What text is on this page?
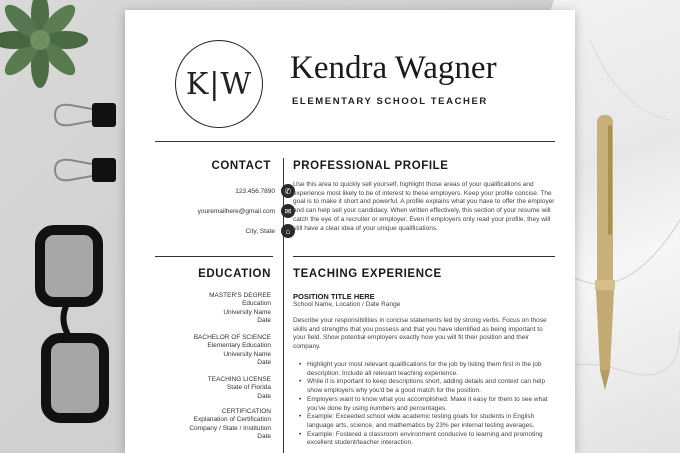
K|W	Kendra Wagner
ELEMENTARY SCHOOL TEACHER
CONTACT
123.456.7890	✆
youremailhere@gmail.com	✉
City, State	⌂
PROFESSIONAL PROFILE
Use this area to quickly sell yourself, highlight those areas of your qualifications and experience most likely to be of interest to these employers. Keep your profile concise. The goal is to make it short and powerful. A profile explains what you have to offer the employer and can help sell your candidacy. When written effectively, this section of your resume will catch the eye of a recruiter or employer. Even if employers only read your profile, they will still have a clear idea of your unique qualifications.
EDUCATION
MASTER'S DEGREE
Education
University Name
Date
BACHELOR OF SCIENCE
Elementary Education
University Name
Date
TEACHING LICENSE
State of Florida
Date
CERTIFICATION
Explanation of Certification
Company / State / Institution
Date
TEACHING EXPERIENCE
POSITION TITLE HERE
School Name, Location / Date Range
Describe your responsibilities in concise statements led by strong verbs. Focus on those skills and strengths that you possess and that you have identified as being important to your field. Show potential employers exactly how you will fit their position and their company.
• Highlight your most relevant qualifications for the job by listing them first in the job description. Include all relevant teaching experience.
• While it is important to keep descriptions short, adding details and context can help show employers why you'd be a good match for the position.
• Employers want to know what you accomplished. Make it easy for them to see what you've done by using numbers and percentages.
• Example: Exceeded school wide academic testing goals for students in English language arts, science, and mathematics by 23% per internal testing averages.
• Example: Fostered a classroom environment conducive to learning and promoting excellent student/teacher interaction.
